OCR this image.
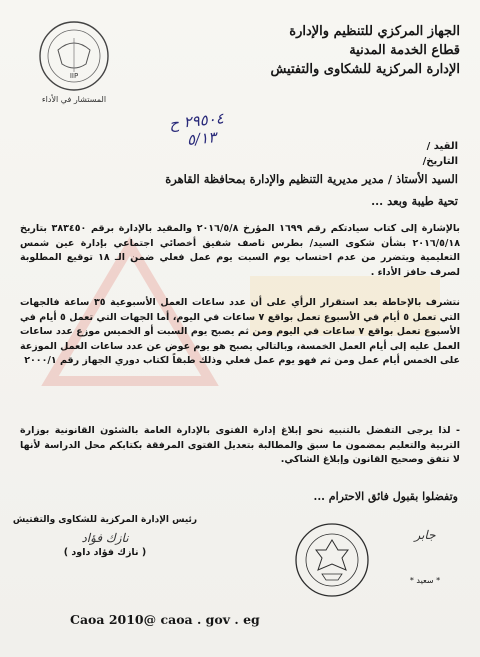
IIP
المستشار في الأداء
الجهاز المركزي للتنظيم والإدارة
قطاع الخدمة المدنية
الإدارة المركزية للشكاوى والتفتيش
٢٩٥٠٤ ح
٥/١٣	القيد /
التاريخ/
السيد الأستاذ / مدير مديرية التنظيم والإدارة بمحافظة القاهرة
تحية طيبة وبعد ...

بالإشارة إلى كتاب سيادتكم رقم ١٦٩٩ المؤرخ ٢٠١٦/٥/٨ والمقيد بالإدارة برقم ٣٨٣٤٥٠ بتاريخ ٢٠١٦/٥/١٨ بشأن شكوى السيد/ بطرس ناصف شفيق أخصائي اجتماعي بإدارة عين شمس التعليمية ويتضرر من عدم احتساب يوم السبت يوم عمل فعلي ضمن الـ ١٨ توقيع المطلوبة لصرف حافز الأداء .

نتشرف بالإحاطة بعد استقرار الرأي على أن عدد ساعات العمل الأسبوعية ٣٥ ساعة فالجهات التي تعمل ٥ أيام في الأسبوع تعمل بواقع ٧ ساعات في اليوم، أما الجهات التي تعمل ٥ أيام في الأسبوع تعمل بواقع ٧ ساعات في اليوم ومن ثم يصبح يوم السبت أو الخميس موزع عدد ساعات العمل عليه إلى أيام العمل الخمسة، وبالتالي يصبح هو يوم عوض عن عدد ساعات العمل الموزعة على الخمس أيام عمل ومن ثم فهو يوم عمل فعلي وذلك طبقاً لكتاب دوري الجهاز رقم ٢٠٠٠/١

- لذا يرجى التفضل بالتنبيه نحو إبلاغ إدارة الفتوى بالإدارة العامة بالشئون القانونية بوزارة التربية والتعليم بمضمون ما سبق والمطالبة بتعديل الفتوى المرفقة بكتابكم محل الدراسة لأنها لا تتفق وصحيح القانون وإبلاغ الشاكي.

وتفضلوا بقبول فائق الاحترام ...
رئيس الإدارة المركزية للشكاوى والتفتيش
نازك فؤاد
( نازك فؤاد داود )
جابر
* سعيد *
Caoa 2010@ caoa . gov . eg
